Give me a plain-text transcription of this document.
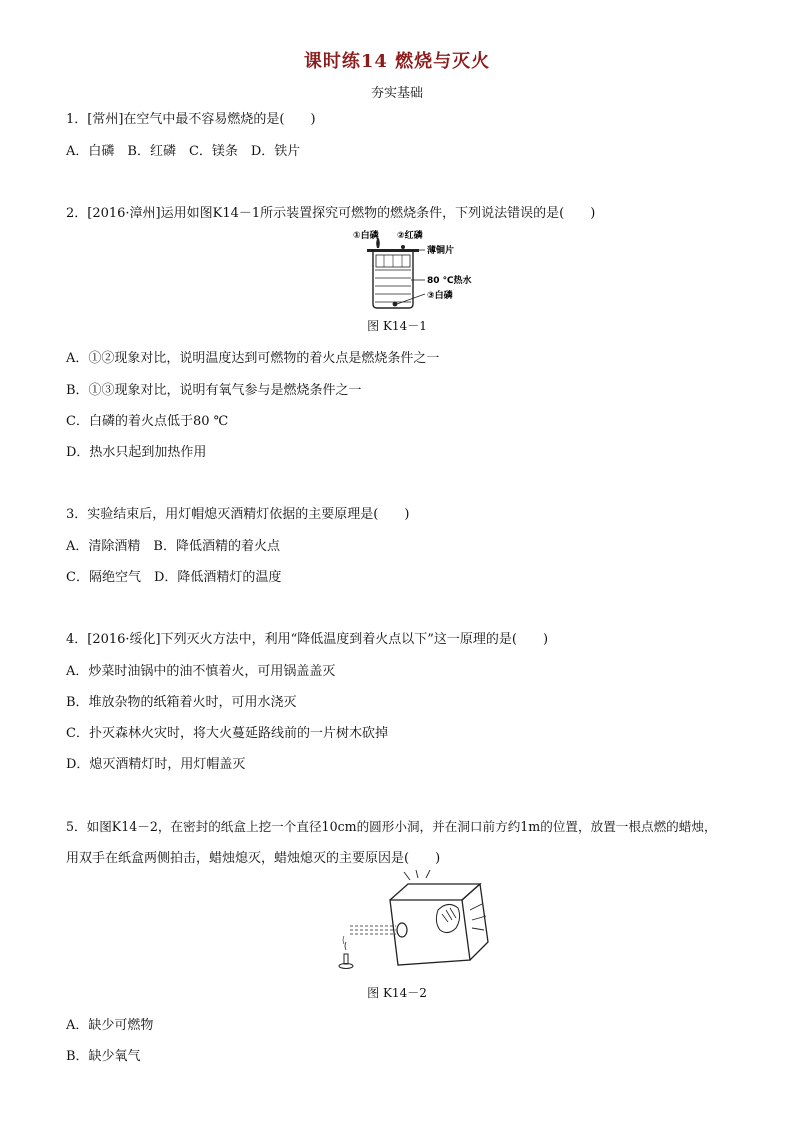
课时练14 燃烧与灭火
夯实基础
1．[常州]在空气中最不容易燃烧的是(　　)
A．白磷　B．红磷　C．镁条　D．铁片
2．[2016·漳州]运用如图K14－1所示装置探究可燃物的燃烧条件，下列说法错误的是(　　)
①白磷 ②红磷
薄铜片
80 ℃热水
③白磷
图 K14－1
A．①②现象对比，说明温度达到可燃物的着火点是燃烧条件之一
B．①③现象对比，说明有氧气参与是燃烧条件之一
C．白磷的着火点低于80 ℃
D．热水只起到加热作用
3．实验结束后，用灯帽熄灭酒精灯依据的主要原理是(　　)
A．清除酒精　B．降低酒精的着火点
C．隔绝空气　D．降低酒精灯的温度
4．[2016·绥化]下列灭火方法中，利用“降低温度到着火点以下”这一原理的是(　　)
A．炒菜时油锅中的油不慎着火，可用锅盖盖灭
B．堆放杂物的纸箱着火时，可用水浇灭
C．扑灭森林火灾时，将大火蔓延路线前的一片树木砍掉
D．熄灭酒精灯时，用灯帽盖灭
5．如图K14－2，在密封的纸盒上挖一个直径10cm的圆形小洞，并在洞口前方约1m的位置，放置一根点燃的蜡烛，
用双手在纸盒两侧拍击，蜡烛熄灭，蜡烛熄灭的主要原因是(　　)
图 K14－2
A．缺少可燃物
B．缺少氧气
